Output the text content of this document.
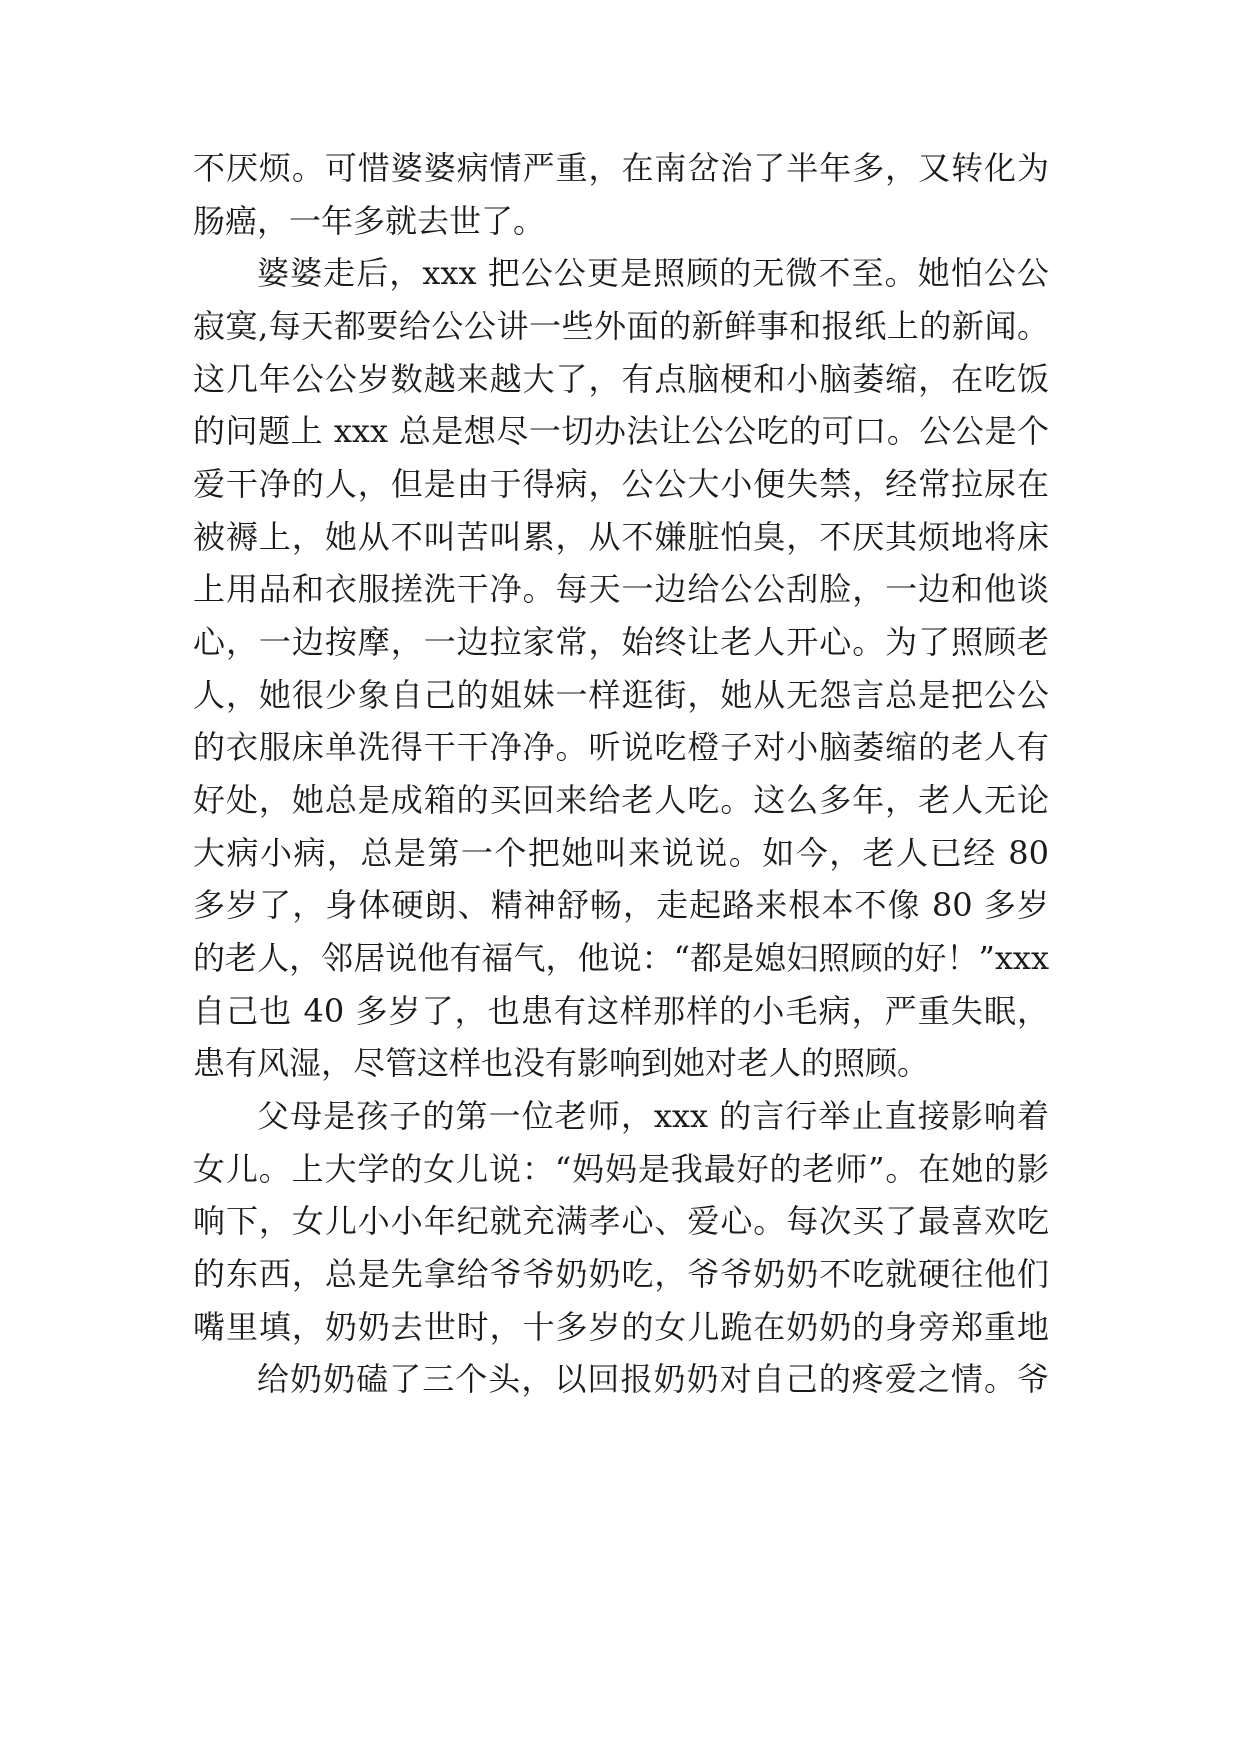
不厌烦。可惜婆婆病情严重，在南岔治了半年多，又转化为
肠癌，一年多就去世了。
婆婆走后，xxx 把公公更是照顾的无微不至。她怕公公
寂寞,每天都要给公公讲一些外面的新鲜事和报纸上的新闻。
这几年公公岁数越来越大了，有点脑梗和小脑萎缩，在吃饭
的问题上 xxx 总是想尽一切办法让公公吃的可口。公公是个
爱干净的人，但是由于得病，公公大小便失禁，经常拉尿在
被褥上，她从不叫苦叫累，从不嫌脏怕臭，不厌其烦地将床
上用品和衣服搓洗干净。每天一边给公公刮脸，一边和他谈
心，一边按摩，一边拉家常，始终让老人开心。为了照顾老
人，她很少象自己的姐妹一样逛街，她从无怨言总是把公公
的衣服床单洗得干干净净。听说吃橙子对小脑萎缩的老人有
好处，她总是成箱的买回来给老人吃。这么多年，老人无论
大病小病，总是第一个把她叫来说说。如今，老人已经 80
多岁了，身体硬朗、精神舒畅，走起路来根本不像 80 多岁
的老人，邻居说他有福气，他说：“都是媳妇照顾的好！”xxx
自己也 40 多岁了，也患有这样那样的小毛病，严重失眠，
患有风湿，尽管这样也没有影响到她对老人的照顾。
父母是孩子的第一位老师，xxx 的言行举止直接影响着
女儿。上大学的女儿说：“妈妈是我最好的老师”。在她的影
响下，女儿小小年纪就充满孝心、爱心。每次买了最喜欢吃
的东西，总是先拿给爷爷奶奶吃，爷爷奶奶不吃就硬往他们
嘴里填，奶奶去世时，十多岁的女儿跪在奶奶的身旁郑重地
给奶奶磕了三个头，以回报奶奶对自己的疼爱之情。爷
